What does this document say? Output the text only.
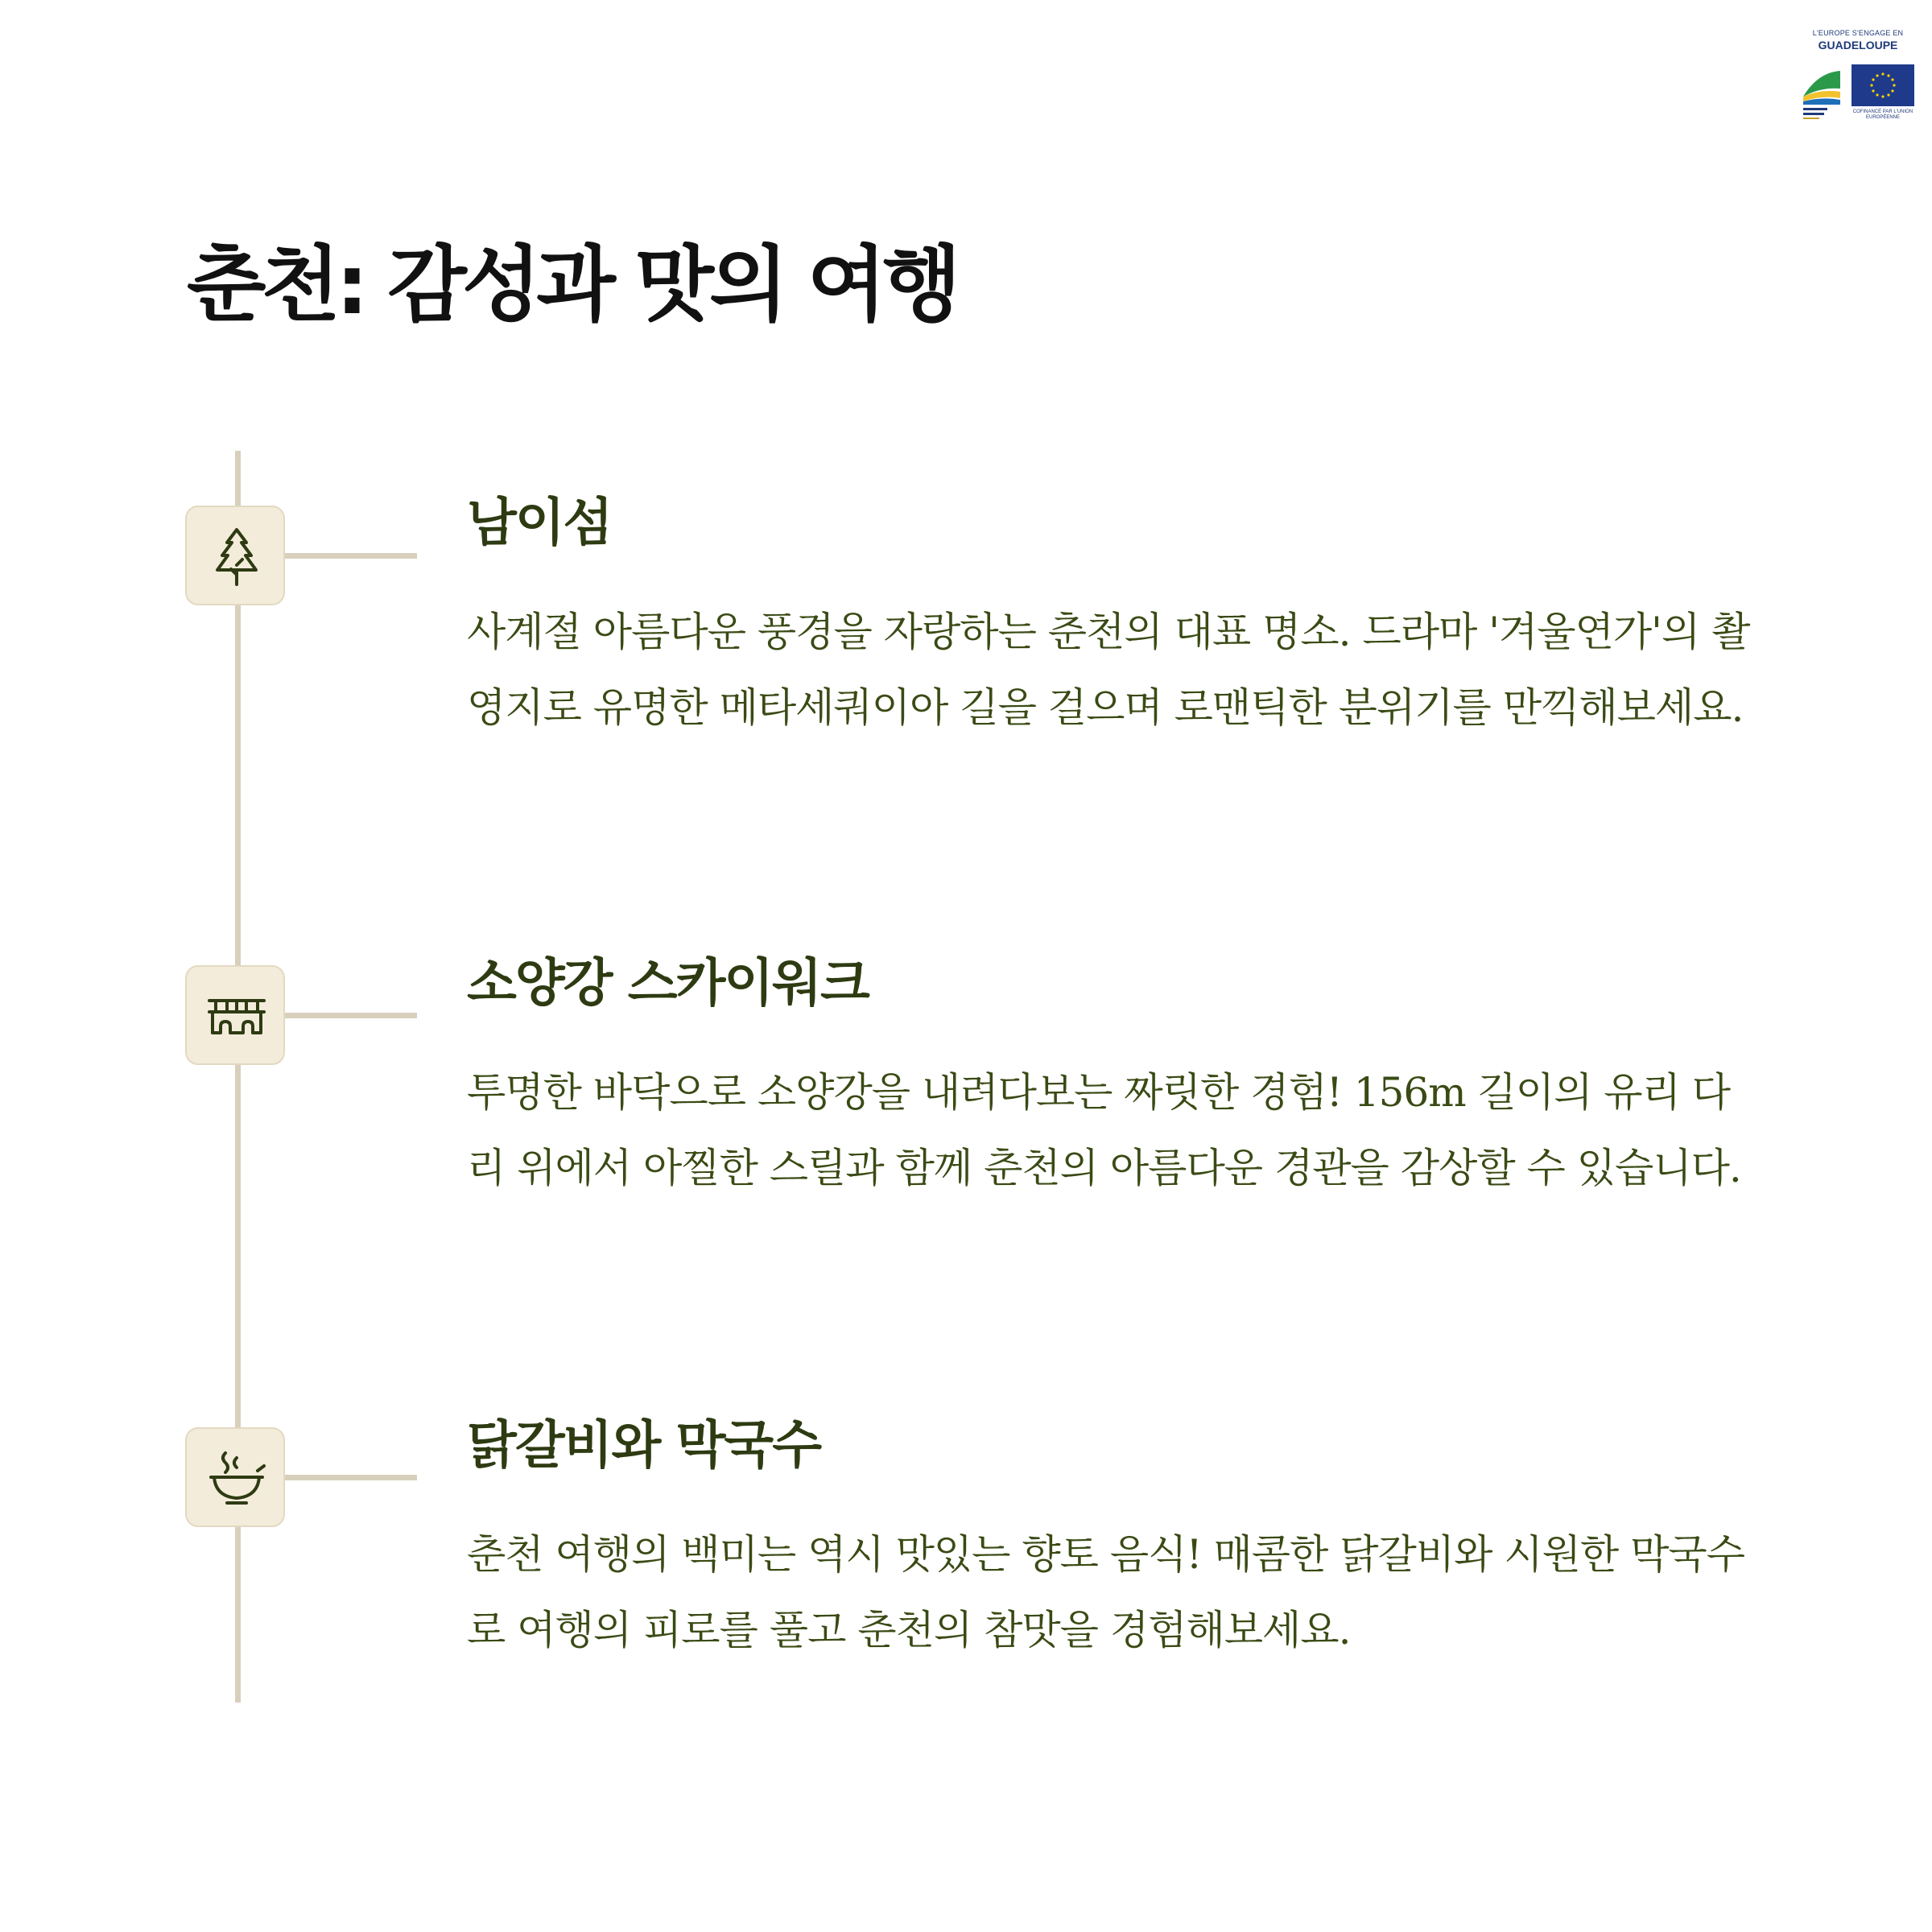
L'EUROPE S'ENGAGE EN
GUADELOUPE
COFINANCÉ PAR L'UNION EUROPÉENNE
춘천: 감성과 맛의 여행
남이섬

사계절 아름다운 풍경을 자랑하는 춘천의 대표 명소. 드라마 '겨울연가'의 촬영지로 유명한 메타세쿼이아 길을 걸으며 로맨틱한 분위기를 만끽해보세요.

소양강 스카이워크

투명한 바닥으로 소양강을 내려다보는 짜릿한 경험! 156m 길이의 유리 다리 위에서 아찔한 스릴과 함께 춘천의 아름다운 경관을 감상할 수 있습니다.

닭갈비와 막국수

춘천 여행의 백미는 역시 맛있는 향토 음식! 매콤한 닭갈비와 시원한 막국수로 여행의 피로를 풀고 춘천의 참맛을 경험해보세요.
